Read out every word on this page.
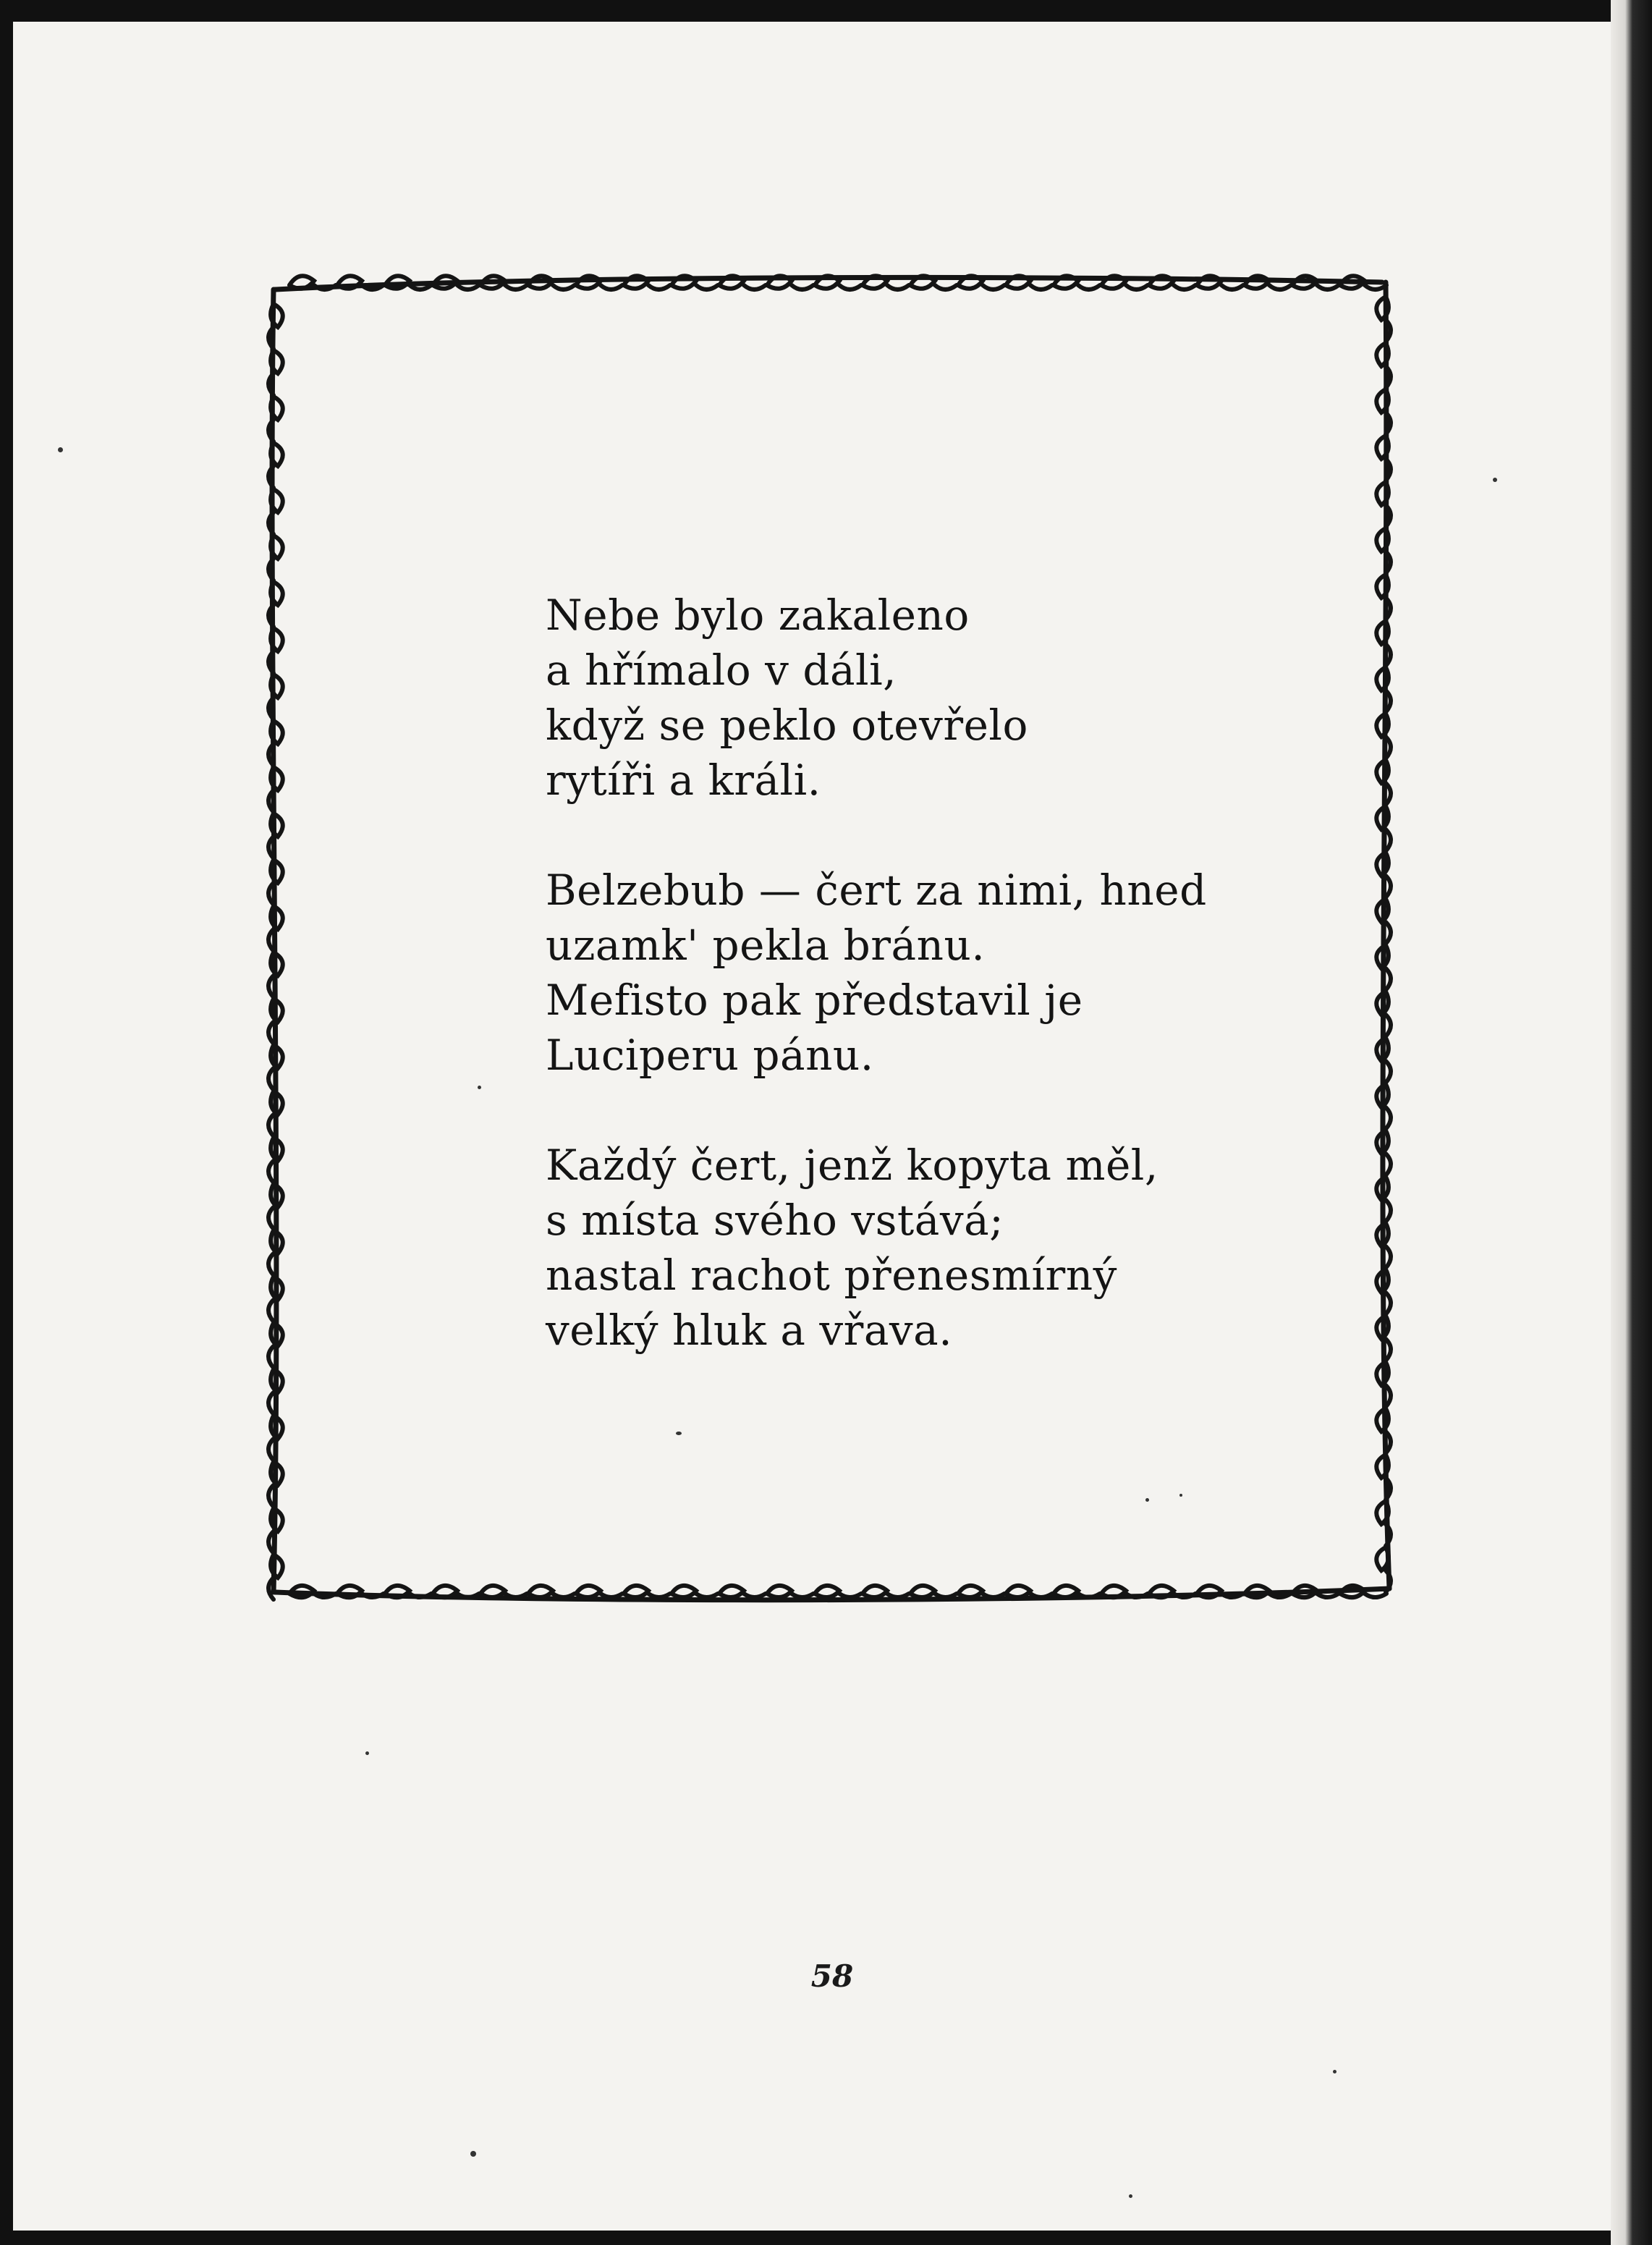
Nebe bylo zakaleno
a hřímalo v dáli,
když se peklo otevřelo
rytíři a králi.
Belzebub — čert za nimi, hned
uzamk' pekla bránu.
Mefisto pak představil je
Luciperu pánu.
Každý čert, jenž kopyta měl,
s místa svého vstává;
nastal rachot přenesmírný
velký hluk a vřava.
58
